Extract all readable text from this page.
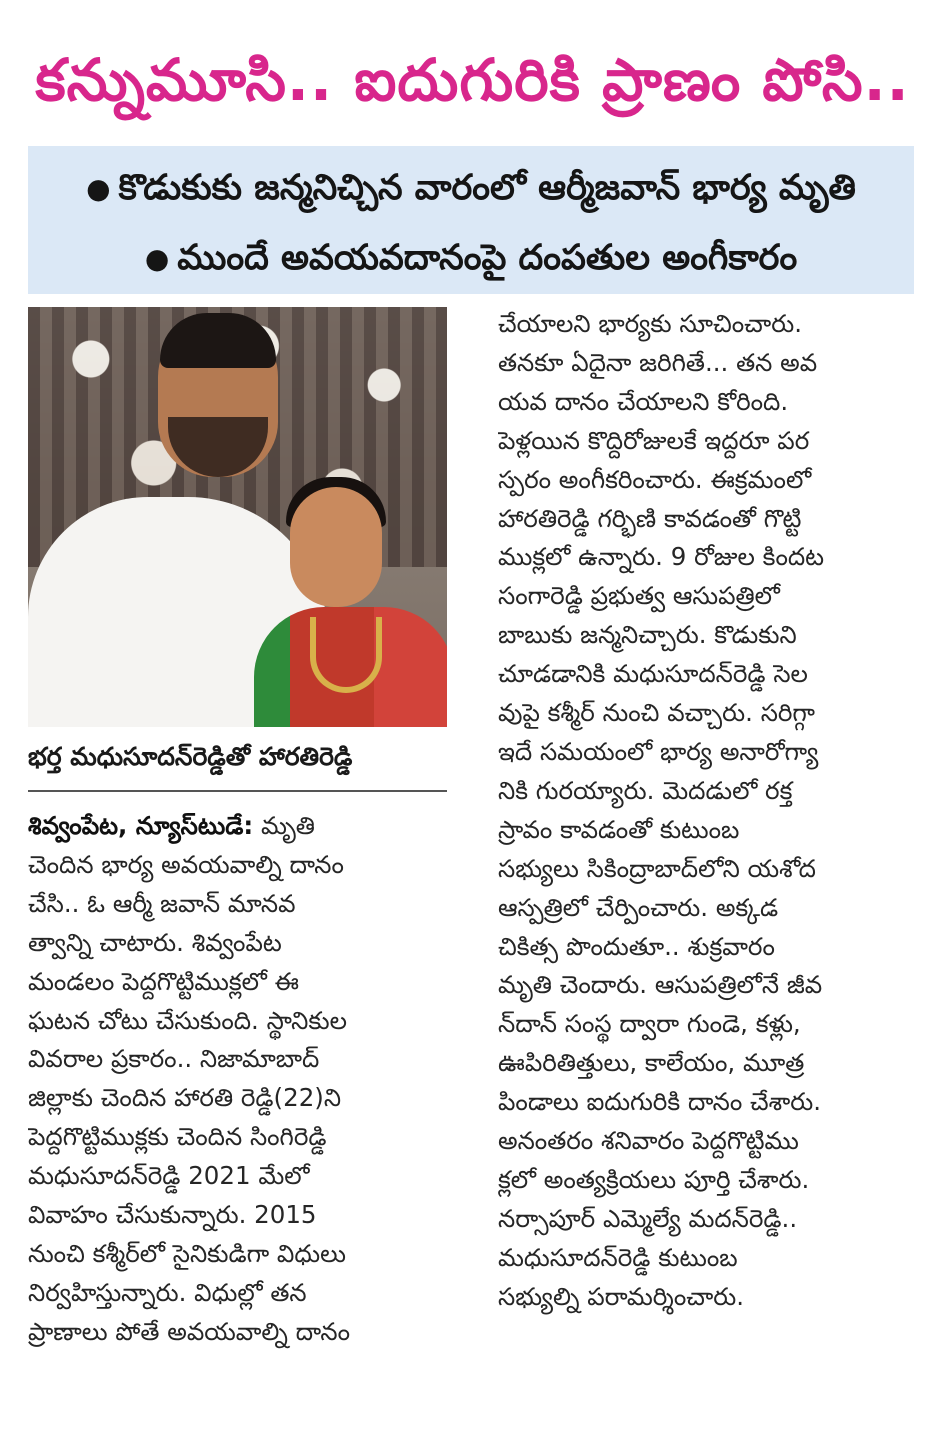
కన్నుమూసి.. ఐదుగురికి ప్రాణం పోసి..
● కొడుకుకు జన్మనిచ్చిన వారంలో ఆర్మీజవాన్ భార్య మృతి
● ముందే అవయవదానంపై దంపతుల అంగీకారం
భర్త మధుసూదన్‌రెడ్డితో హారతిరెడ్డి
శివ్వంపేట, న్యూస్‌టుడే: మృతి
చెందిన భార్య అవయవాల్ని దానం
చేసి.. ఓ ఆర్మీ జవాన్ మానవ
త్వాన్ని చాటారు. శివ్వంపేట
మండలం పెద్దగొట్టిముక్లలో ఈ
ఘటన చోటు చేసుకుంది. స్థానికుల
వివరాల ప్రకారం.. నిజామాబాద్
జిల్లాకు చెందిన హారతి రెడ్డి(22)ని
పెద్దగొట్టిముక్లకు చెందిన సింగిరెడ్డి
మధుసూదన్‌రెడ్డి 2021 మేలో
వివాహం చేసుకున్నారు. 2015
నుంచి కశ్మీర్‌లో సైనికుడిగా విధులు
నిర్వహిస్తున్నారు. విధుల్లో తన
ప్రాణాలు పోతే అవయవాల్ని దానం
చేయాలని భార్యకు సూచించారు.
తనకూ ఏదైనా జరిగితే... తన అవ
యవ దానం చేయాలని కోరింది.
పెళ్లయిన కొద్దిరోజులకే ఇద్దరూ పర
స్పరం అంగీకరించారు. ఈక్రమంలో
హారతిరెడ్డి గర్భిణి కావడంతో గొట్టి
ముక్లలో ఉన్నారు. 9 రోజుల కిందట
సంగారెడ్డి ప్రభుత్వ ఆసుపత్రిలో
బాబుకు జన్మనిచ్చారు. కొడుకుని
చూడడానికి మధుసూదన్‌రెడ్డి సెల
వుపై కశ్మీర్ నుంచి వచ్చారు. సరిగ్గా
ఇదే సమయంలో భార్య అనారోగ్యా
నికి గురయ్యారు. మెదడులో రక్త
స్రావం కావడంతో కుటుంబ
సభ్యులు సికింద్రాబాద్‌లోని యశోద
ఆస్పత్రిలో చేర్పించారు. అక్కడ
చికిత్స పొందుతూ.. శుక్రవారం
మృతి చెందారు. ఆసుపత్రిలోనే జీవ
న్‌దాన్ సంస్థ ద్వారా గుండె, కళ్లు,
ఊపిరితిత్తులు, కాలేయం, మూత్ర
పిండాలు ఐదుగురికి దానం చేశారు.
అనంతరం శనివారం పెద్దగొట్టిము
క్లలో అంత్యక్రియలు పూర్తి చేశారు.
నర్సాపూర్ ఎమ్మెల్యే మదన్‌రెడ్డి..
మధుసూదన్‌రెడ్డి కుటుంబ
సభ్యుల్ని పరామర్శించారు.
